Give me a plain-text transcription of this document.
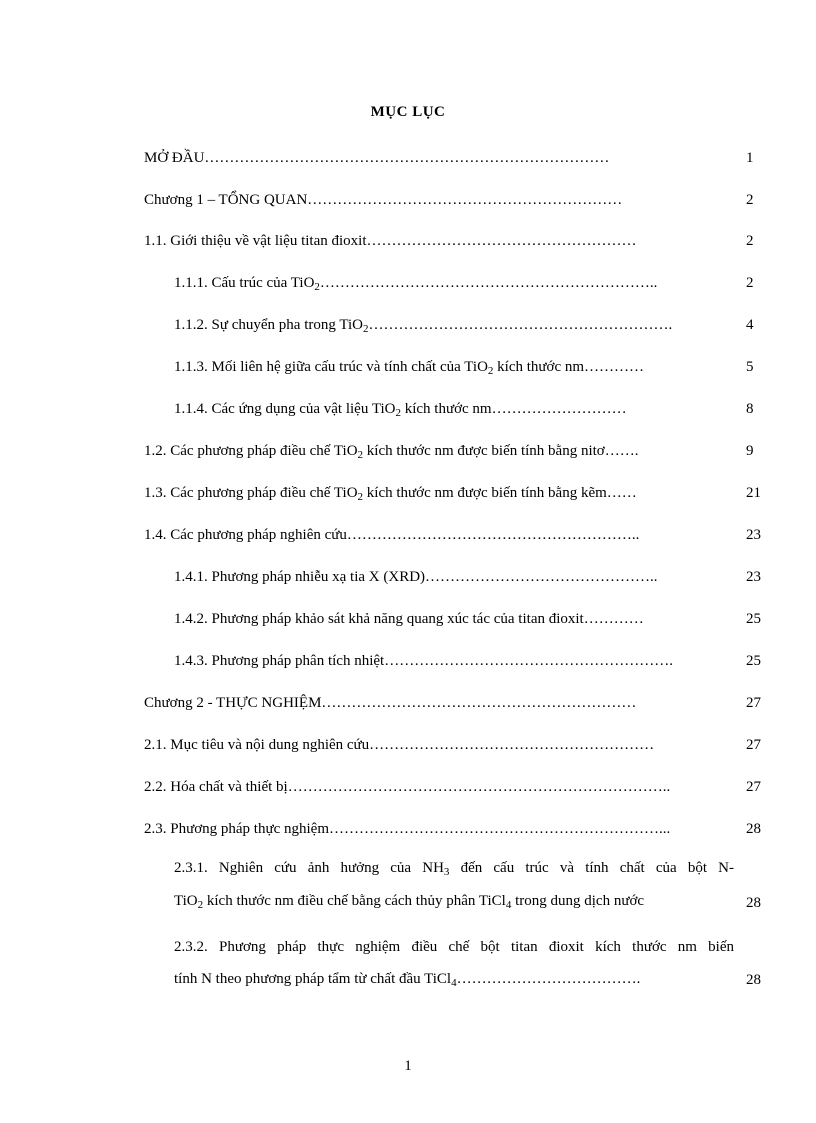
MỤC LỤC
MỞ ĐẦU………………………………………………………………………	1
Chương 1 – TỔNG QUAN………………………………………………………	2
1.1. Giới thiệu về vật liệu titan đioxit………………………………………………	2
1.1.1. Cấu trúc của TiO$_2$…………………………………………………………..	2
1.1.2. Sự chuyển pha trong TiO$_2$…………………………………………………….	4
1.1.3. Mối liên hệ giữa cấu trúc và tính chất của TiO$_2$ kích thước nm…………	5
1.1.4. Các ứng dụng của vật liệu TiO$_2$ kích thước nm………………………	8
1.2. Các phương pháp điều chế TiO$_2$ kích thước nm được biến tính bằng nitơ…….	9
1.3. Các phương pháp điều chế TiO$_2$ kích thước nm được biến tính bằng kẽm……	21
1.4. Các phương pháp nghiên cứu…………………………………………………..	23
1.4.1. Phương pháp nhiễu xạ tia X (XRD)………………………………………..	23
1.4.2. Phương pháp khảo sát khả năng quang xúc tác của titan đioxit…………	25
1.4.3. Phương pháp phân tích nhiệt………………………………………………….	25
Chương 2 - THỰC NGHIỆM………………………………………………………	27
2.1. Mục tiêu và nội dung nghiên cứu…………………………………………………	27
2.2. Hóa chất và thiết bị…………………………………………………………………..	27
2.3. Phương pháp thực nghiệm…………………………………………………………...	28
2.3.1. Nghiên cứu ảnh hưởng của $NH_3$ đến cấu trúc và tính chất của bột N-
TiO$_2$ kích thước nm điều chế bằng cách thủy phân TiCl$_4$ trong dung dịch nước	28
2.3.2. Phương pháp thực nghiệm điều chế bột titan đioxit kích thước nm biến
tính N theo phương pháp tẩm từ chất đầu TiCl$_4$……………………………….	28
1
